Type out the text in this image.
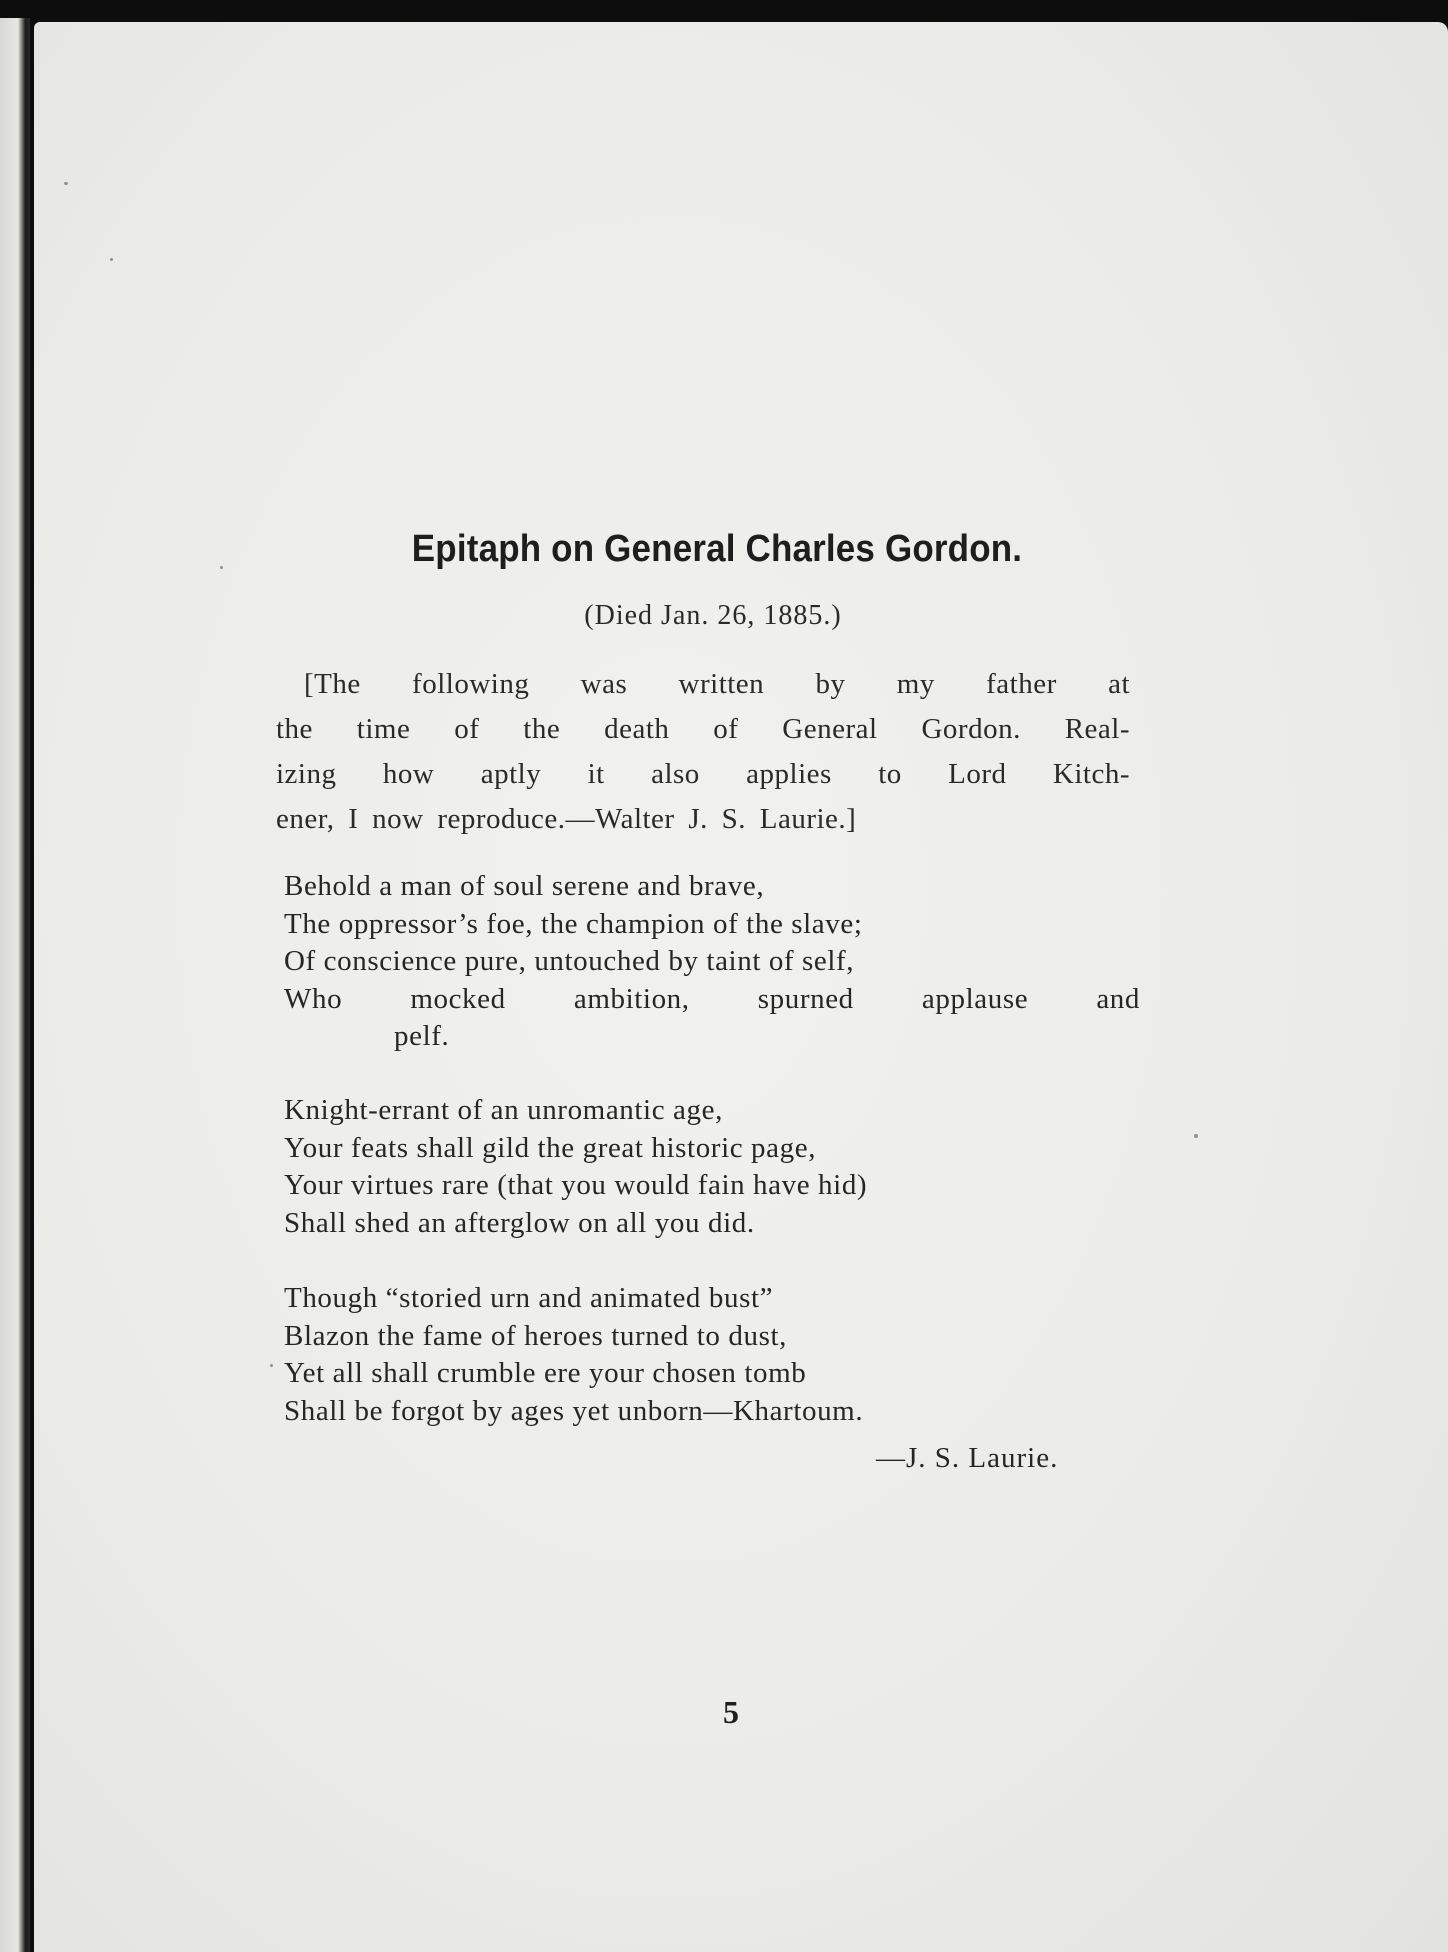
Epitaph on General Charles Gordon.
(Died Jan. 26, 1885.)
[The following was written by my father at
the time of the death of General Gordon. Real-
izing how aptly it also applies to Lord Kitch-
ener, I now reproduce.—Walter J. S. Laurie.]
Behold a man of soul serene and brave,
The oppressor’s foe, the champion of the slave;
Of conscience pure, untouched by taint of self,
Who mocked ambition, spurned applause and
pelf.
Knight-errant of an unromantic age,
Your feats shall gild the great historic page,
Your virtues rare (that you would fain have hid)
Shall shed an afterglow on all you did.
Though “storied urn and animated bust”
Blazon the fame of heroes turned to dust,
Yet all shall crumble ere your chosen tomb
Shall be forgot by ages yet unborn—Khartoum.
—J. S. Laurie.
5
